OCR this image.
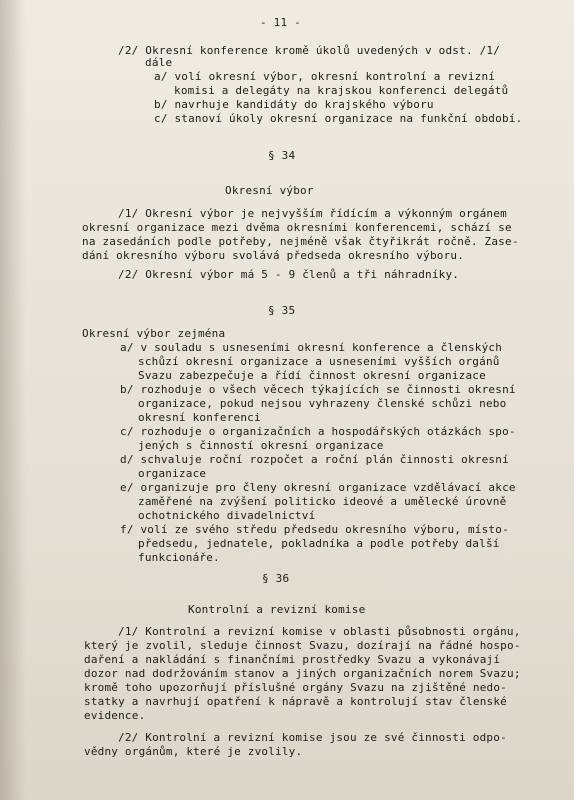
- 11 -
/2/ Okresní konference kromě úkolů uvedených v odst. /1/
dále
a/ volí okresní výbor, okresní kontrolní a revizní
komisi a delegáty na krajskou konferenci delegátů
b/ navrhuje kandidáty do krajského výboru
c/ stanoví úkoly okresní organizace na funkční období.
§ 34
Okresní výbor
/1/ Okresní výbor je nejvyšším řídícím a výkonným orgánem
okresní organizace mezi dvěma okresními konferencemi, schází se
na zasedáních podle potřeby, nejméně však čtyřikrát ročně. Zase-
dání okresního výboru svolává předseda okresního výboru.
/2/ Okresní výbor má 5 - 9 členů a tři náhradníky.
§ 35
Okresní výbor zejména
a/ v souladu s usneseními okresní konference a členských
schůzí okresní organizace a usneseními vyšších orgánů
Svazu zabezpečuje a řídí činnost okresní organizace
b/ rozhoduje o všech věcech týkajících se činnosti okresní
organizace, pokud nejsou vyhrazeny členské schůzi nebo
okresní konferenci
c/ rozhoduje o organizačních a hospodářských otázkách spo-
jených s činností okresní organizace
d/ schvaluje roční rozpočet a roční plán činnosti okresní
organizace
e/ organizuje pro členy okresní organizace vzdělávací akce
zaměřené na zvýšení politicko ideové a umělecké úrovně
ochotnického divadelnictví
f/ volí ze svého středu předsedu okresního výboru, místo-
předsedu, jednatele, pokladníka a podle potřeby další
funkcionáře.
§ 36
Kontrolní a revizní komise
/1/ Kontrolní a revizní komise v oblasti působnosti orgánu,
který je zvolil, sleduje činnost Svazu, dozírají na řádné hospo-
daření a nakládání s finančními prostředky Svazu a vykonávají
dozor nad dodržováním stanov a jiných organizačních norem Svazu;
kromě toho upozorňují příslušné orgány Svazu na zjištěné nedo-
statky a navrhují opatření k nápravě a kontrolují stav členské
evidence.
/2/ Kontrolní a revizní komise jsou ze své činnosti odpo-
vědny orgánům, které je zvolily.
